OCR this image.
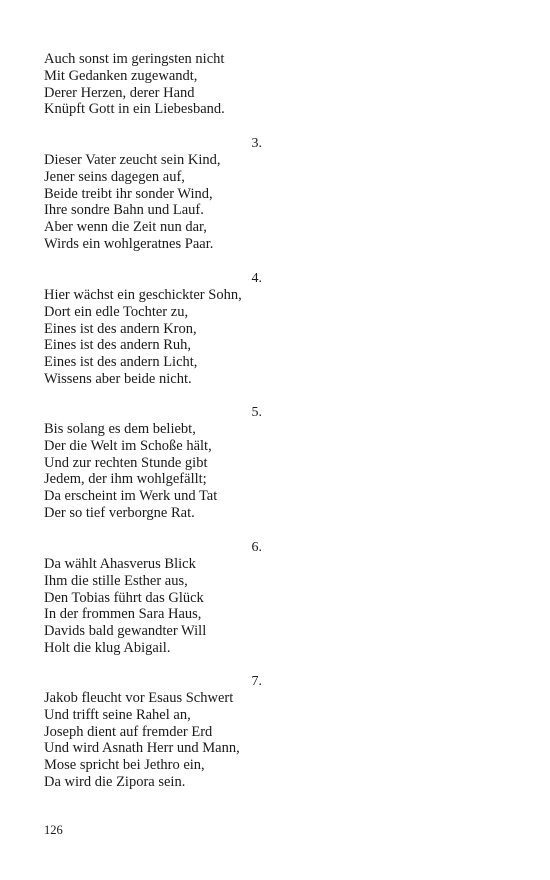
Auch sonst im geringsten nicht
Mit Gedanken zugewandt,
Derer Herzen, derer Hand
Knüpft Gott in ein Liebesband.
3.
Dieser Vater zeucht sein Kind,
Jener seins dagegen auf,
Beide treibt ihr sonder Wind,
Ihre sondre Bahn und Lauf.
Aber wenn die Zeit nun dar,
Wirds ein wohlgeratnes Paar.
4.
Hier wächst ein geschickter Sohn,
Dort ein edle Tochter zu,
Eines ist des andern Kron,
Eines ist des andern Ruh,
Eines ist des andern Licht,
Wissens aber beide nicht.
5.
Bis solang es dem beliebt,
Der die Welt im Schoße hält,
Und zur rechten Stunde gibt
Jedem, der ihm wohlgefällt;
Da erscheint im Werk und Tat
Der so tief verborgne Rat.
6.
Da wählt Ahasverus Blick
Ihm die stille Esther aus,
Den Tobias führt das Glück
In der frommen Sara Haus,
Davids bald gewandter Will
Holt die klug Abigail.
7.
Jakob fleucht vor Esaus Schwert
Und trifft seine Rahel an,
Joseph dient auf fremder Erd
Und wird Asnath Herr und Mann,
Mose spricht bei Jethro ein,
Da wird die Zipora sein.
126
